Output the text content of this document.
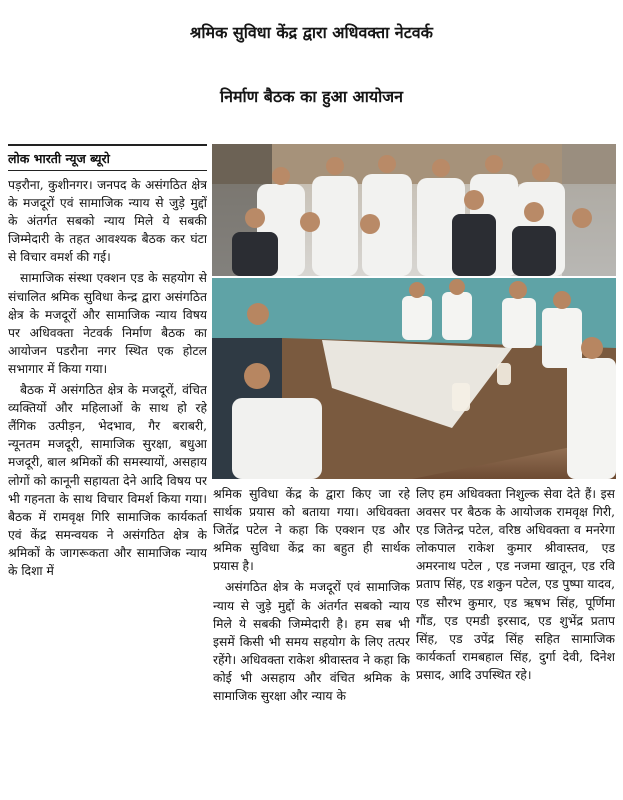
श्रमिक सुविधा केंद्र द्वारा अधिवक्ता नेटवर्क
निर्माण बैठक का हुआ आयोजन
लोक भारती न्यूज ब्यूरो

पड़रौना, कुशीनगर। जनपद के असंगठित क्षेत्र के मजदूरों एवं सामाजिक न्याय से जुड़े मुद्दों के अंतर्गत सबको न्याय मिले ये सबकी जिम्मेदारी के तहत आवश्यक बैठक कर घंटा से विचार वमर्श की गई।

सामाजिक संस्था एक्शन एड के सहयोग से संचालित श्रमिक सुविधा केन्द्र द्वारा असंगठित क्षेत्र के मजदूरों और सामाजिक न्याय विषय पर अधिवक्ता नेटवर्क निर्माण बैठक का आयोजन पडरौना नगर स्थित एक होटल सभागार में किया गया।

बैठक में असंगठित क्षेत्र के मजदूरों, वंचित व्यक्तियों और महिलाओं के साथ हो रहे लैंगिक उत्पीड़न, भेदभाव, गैर बराबरी, न्यूनतम मजदूरी, सामाजिक सुरक्षा, बधुआ मजदूरी, बाल श्रमिकों की समस्यायों, असहाय लोगों को कानूनी सहायता देने आदि विषय पर भी गहनता के साथ विचार विमर्श किया गया। बैठक में रामवृक्ष गिरि सामाजिक कार्यकर्ता एवं केंद्र समन्वयक ने असंगठित क्षेत्र के श्रमिकों के जागरूकता और सामाजिक न्याय के दिशा में

श्रमिक सुविधा केंद्र के द्वारा किए जा रहे सार्थक प्रयास को बताया गया। अधिवक्ता जितेंद्र पटेल ने कहा कि एक्शन एड और श्रमिक सुविधा केंद्र का बहुत ही सार्थक प्रयास है।

असंगठित क्षेत्र के मजदूरों एवं सामाजिक न्याय से जुड़े मुद्दों के अंतर्गत सबको न्याय मिले ये सबकी जिम्मेदारी है। हम सब भी इसमें किसी भी समय सहयोग के लिए तत्पर रहेंगे। अधिवक्ता राकेश श्रीवास्तव ने कहा कि कोई भी असहाय और वंचित श्रमिक के सामाजिक सुरक्षा और न्याय के

लिए हम अधिवक्ता निशुल्क सेवा देते हैं। इस अवसर पर बैठक के आयोजक रामवृक्ष गिरी, एड जितेन्द्र पटेल, वरिष्ठ अधिवक्ता व मनरेगा लोकपाल राकेश कुमार श्रीवास्तव, एड अमरनाथ पटेल , एड नजमा खातून, एड रवि प्रताप सिंह, एड शकुन पटेल, एड पुष्पा यादव, एड सौरभ कुमार, एड ऋषभ सिंह, पूर्णिमा गौंड, एड एमडी इरसाद, एड शुभेंद्र प्रताप सिंह, एड उपेंद्र सिंह सहित सामाजिक कार्यकर्ता रामबहाल सिंह, दुर्गा देवी, दिनेश प्रसाद, आदि उपस्थित रहे।
